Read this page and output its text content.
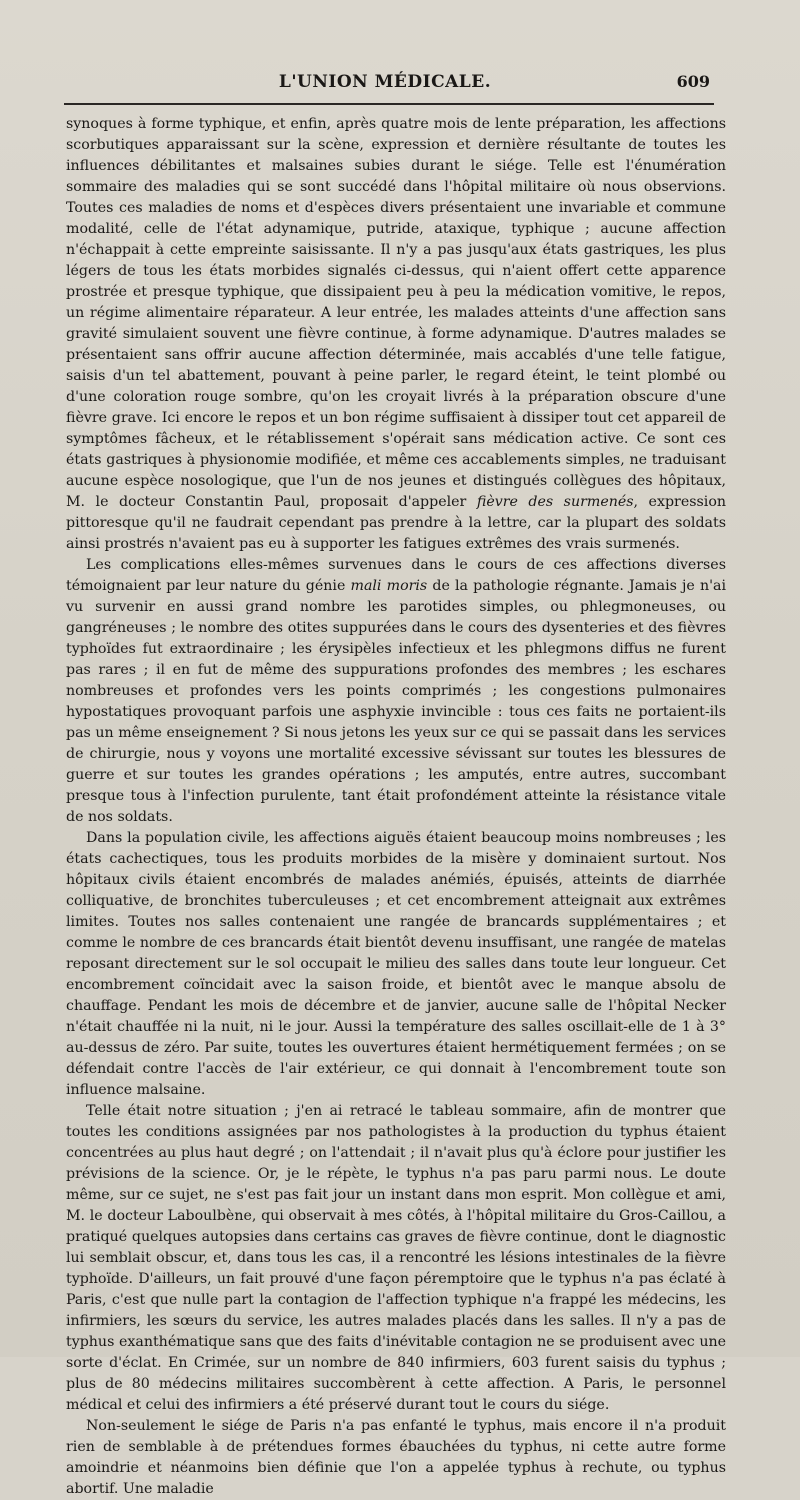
L'UNION MÉDICALE.	609

synoques à forme typhique, et enfin, après quatre mois de lente préparation, les affections scorbutiques apparaissant sur la scène, expression et dernière résultante de toutes les influences débilitantes et malsaines subies durant le siége. Telle est l'énumération sommaire des maladies qui se sont succédé dans l'hôpital militaire où nous observions. Toutes ces maladies de noms et d'espèces divers présentaient une invariable et commune modalité, celle de l'état adynamique, putride, ataxique, typhique ; aucune affection n'échappait à cette empreinte saisissante. Il n'y a pas jusqu'aux états gastriques, les plus légers de tous les états morbides signalés ci-dessus, qui n'aient offert cette apparence prostrée et presque typhique, que dissipaient peu à peu la médication vomitive, le repos, un régime alimentaire réparateur. A leur entrée, les malades atteints d'une affection sans gravité simulaient souvent une fièvre continue, à forme adynamique. D'autres malades se présentaient sans offrir aucune affection déterminée, mais accablés d'une telle fatigue, saisis d'un tel abattement, pouvant à peine parler, le regard éteint, le teint plombé ou d'une coloration rouge sombre, qu'on les croyait livrés à la préparation obscure d'une fièvre grave. Ici encore le repos et un bon régime suffisaient à dissiper tout cet appareil de symptômes fâcheux, et le rétablissement s'opérait sans médication active. Ce sont ces états gastriques à physionomie modifiée, et même ces accablements simples, ne traduisant aucune espèce nosologique, que l'un de nos jeunes et distingués collègues des hôpitaux, M. le docteur Constantin Paul, proposait d'appeler fièvre des surmenés, expression pittoresque qu'il ne faudrait cependant pas prendre à la lettre, car la plupart des soldats ainsi prostrés n'avaient pas eu à supporter les fatigues extrêmes des vrais surmenés.

Les complications elles-mêmes survenues dans le cours de ces affections diverses témoignaient par leur nature du génie mali moris de la pathologie régnante. Jamais je n'ai vu survenir en aussi grand nombre les parotides simples, ou phlegmoneuses, ou gangréneuses ; le nombre des otites suppurées dans le cours des dysenteries et des fièvres typhoïdes fut extraordinaire ; les érysipèles infectieux et les phlegmons diffus ne furent pas rares ; il en fut de même des suppurations profondes des membres ; les eschares nombreuses et profondes vers les points comprimés ; les congestions pulmonaires hypostatiques provoquant parfois une asphyxie invincible : tous ces faits ne portaient-ils pas un même enseignement ? Si nous jetons les yeux sur ce qui se passait dans les services de chirurgie, nous y voyons une mortalité excessive sévissant sur toutes les blessures de guerre et sur toutes les grandes opérations ; les amputés, entre autres, succombant presque tous à l'infection purulente, tant était profondément atteinte la résistance vitale de nos soldats.

Dans la population civile, les affections aiguës étaient beaucoup moins nombreuses ; les états cachectiques, tous les produits morbides de la misère y dominaient surtout. Nos hôpitaux civils étaient encombrés de malades anémiés, épuisés, atteints de diarrhée colliquative, de bronchites tuberculeuses ; et cet encombrement atteignait aux extrêmes limites. Toutes nos salles contenaient une rangée de brancards supplémentaires ; et comme le nombre de ces brancards était bientôt devenu insuffisant, une rangée de matelas reposant directement sur le sol occupait le milieu des salles dans toute leur longueur. Cet encombrement coïncidait avec la saison froide, et bientôt avec le manque absolu de chauffage. Pendant les mois de décembre et de janvier, aucune salle de l'hôpital Necker n'était chauffée ni la nuit, ni le jour. Aussi la température des salles oscillait-elle de 1 à 3° au-dessus de zéro. Par suite, toutes les ouvertures étaient hermétiquement fermées ; on se défendait contre l'accès de l'air extérieur, ce qui donnait à l'encombrement toute son influence malsaine.

Telle était notre situation ; j'en ai retracé le tableau sommaire, afin de montrer que toutes les conditions assignées par nos pathologistes à la production du typhus étaient concentrées au plus haut degré ; on l'attendait ; il n'avait plus qu'à éclore pour justifier les prévisions de la science. Or, je le répète, le typhus n'a pas paru parmi nous. Le doute même, sur ce sujet, ne s'est pas fait jour un instant dans mon esprit. Mon collègue et ami, M. le docteur Laboulbène, qui observait à mes côtés, à l'hôpital militaire du Gros-Caillou, a pratiqué quelques autopsies dans certains cas graves de fièvre continue, dont le diagnostic lui semblait obscur, et, dans tous les cas, il a rencontré les lésions intestinales de la fièvre typhoïde. D'ailleurs, un fait prouvé d'une façon péremptoire que le typhus n'a pas éclaté à Paris, c'est que nulle part la contagion de l'affection typhique n'a frappé les médecins, les infirmiers, les sœurs du service, les autres malades placés dans les salles. Il n'y a pas de typhus exanthématique sans que des faits d'inévitable contagion ne se produisent avec une sorte d'éclat. En Crimée, sur un nombre de 840 infirmiers, 603 furent saisis du typhus ; plus de 80 médecins militaires succombèrent à cette affection. A Paris, le personnel médical et celui des infirmiers a été préservé durant tout le cours du siége.

Non-seulement le siége de Paris n'a pas enfanté le typhus, mais encore il n'a produit rien de semblable à de prétendues formes ébauchées du typhus, ni cette autre forme amoindrie et néanmoins bien définie que l'on a appelée typhus à rechute, ou typhus abortif. Une maladie
